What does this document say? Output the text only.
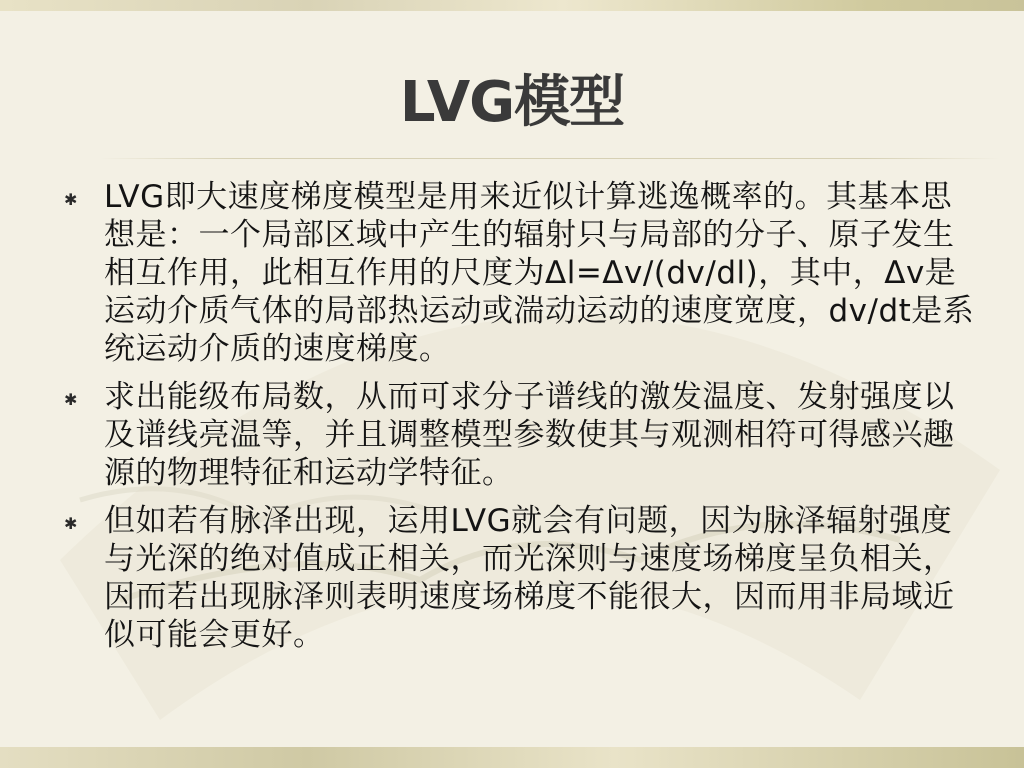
LVG模型
✱ LVG即大速度梯度模型是用来近似计算逃逸概率的。其基本思想是：一个局部区域中产生的辐射只与局部的分子、原子发生相互作用，此相互作用的尺度为Δl=Δv/(dv/dl)，其中，Δv是运动介质气体的局部热运动或湍动运动的速度宽度，dv/dt是系统运动介质的速度梯度。
✱ 求出能级布局数，从而可求分子谱线的激发温度、发射强度以及谱线亮温等，并且调整模型参数使其与观测相符可得感兴趣源的物理特征和运动学特征。
✱ 但如若有脉泽出现，运用LVG就会有问题，因为脉泽辐射强度与光深的绝对值成正相关，而光深则与速度场梯度呈负相关，因而若出现脉泽则表明速度场梯度不能很大，因而用非局域近似可能会更好。
